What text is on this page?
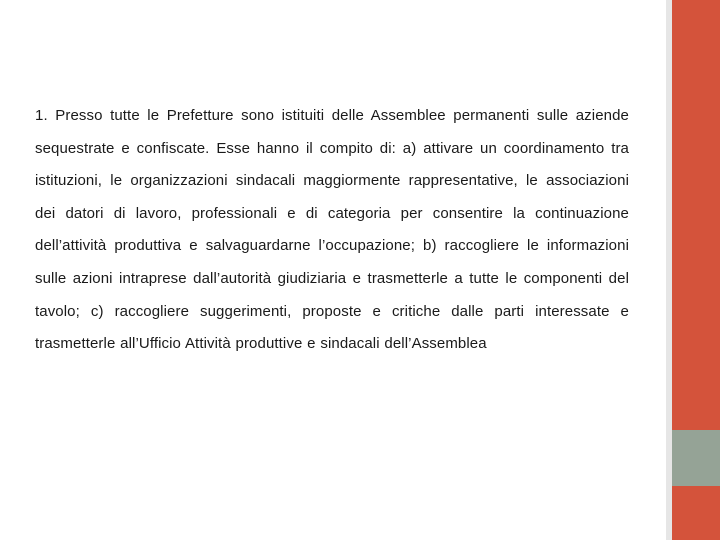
1. Presso tutte le Prefetture sono istituiti delle Assemblee permanenti sulle aziende sequestrate e confiscate. Esse hanno il compito di: a) attivare un coordinamento tra istituzioni, le organizzazioni sindacali maggiormente rappresentative, le associazioni dei datori di lavoro, professionali e di categoria per consentire la continuazione dell’attività produttiva e salvaguardarne l’occupazione; b) raccogliere le informazioni sulle azioni intraprese dall’autorità giudiziaria e trasmetterle a tutte le componenti del tavolo; c) raccogliere suggerimenti, proposte e critiche dalle parti interessate e trasmetterle all’Ufficio Attività produttive e sindacali dell’Assemblea
